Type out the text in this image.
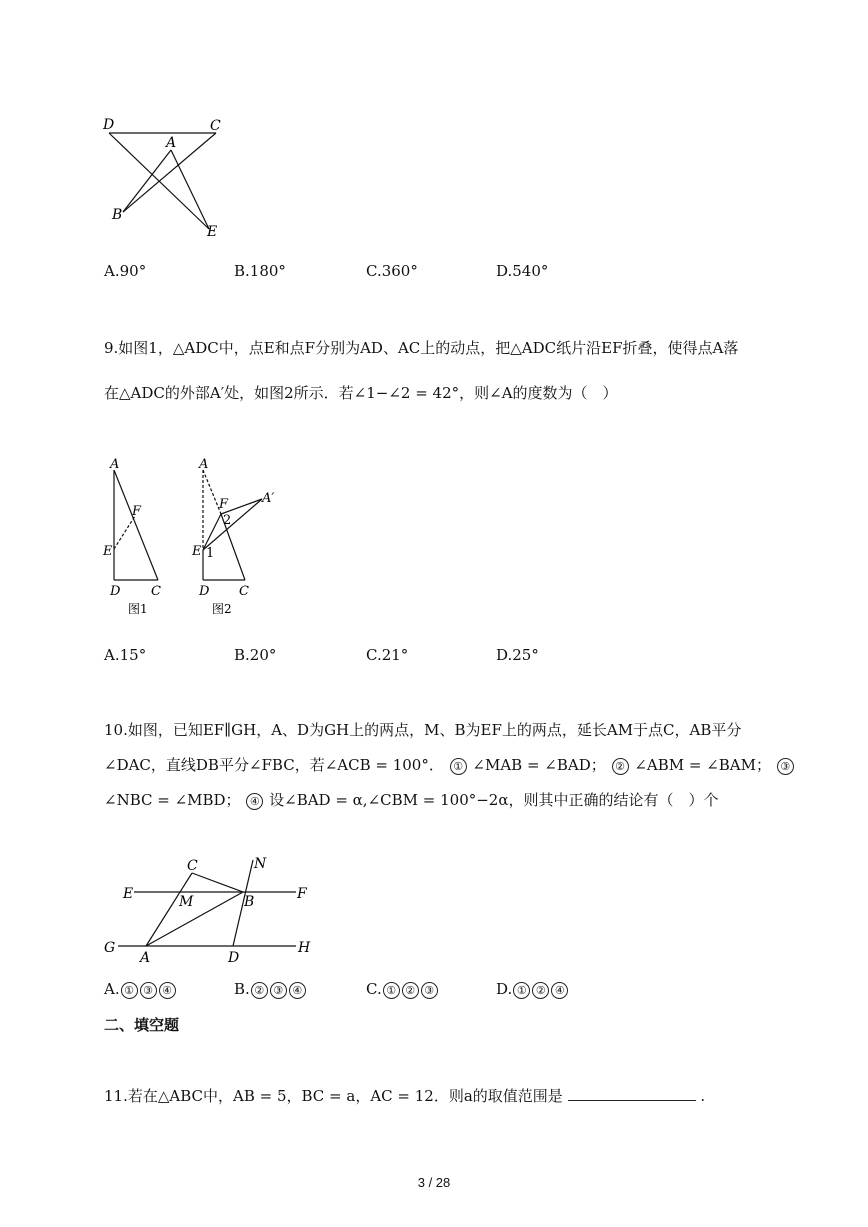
D	C
A
B
E
A.90°	B.180°	C.360°	D.540°
9.如图1，△ADC中，点E和点F分别为AD、AC上的动点，把△ADC纸片沿EF折叠，使得点A落
在△ADC的外部A′处，如图2所示．若∠1−∠2 = 42°，则∠A的度数为（　）
A
F
E
D C
图1
A
F	A′
2
E 1
D C
图2
A.15°	B.20°	C.21°	D.25°
10.如图，已知EF∥GH，A、D为GH上的两点，M、B为EF上的两点，延长AM于点C，AB平分
∠DAC，直线DB平分∠FBC，若∠ACB = 100°． ① ∠MAB = ∠BAD； ② ∠ABM = ∠BAM； ③
∠NBC = ∠MBD； ④ 设∠BAD = α,∠CBM = 100°−2α，则其中正确的结论有（　）个
C	N
E	M	B	F
G
A	D
H
A. ① ③ ④	B. ② ③ ④	C. ① ② ③	D. ① ② ④
二、填空题
11.若在△ABC中，AB = 5，BC = a，AC = 12．则a的取值范围是	.
3 / 28
